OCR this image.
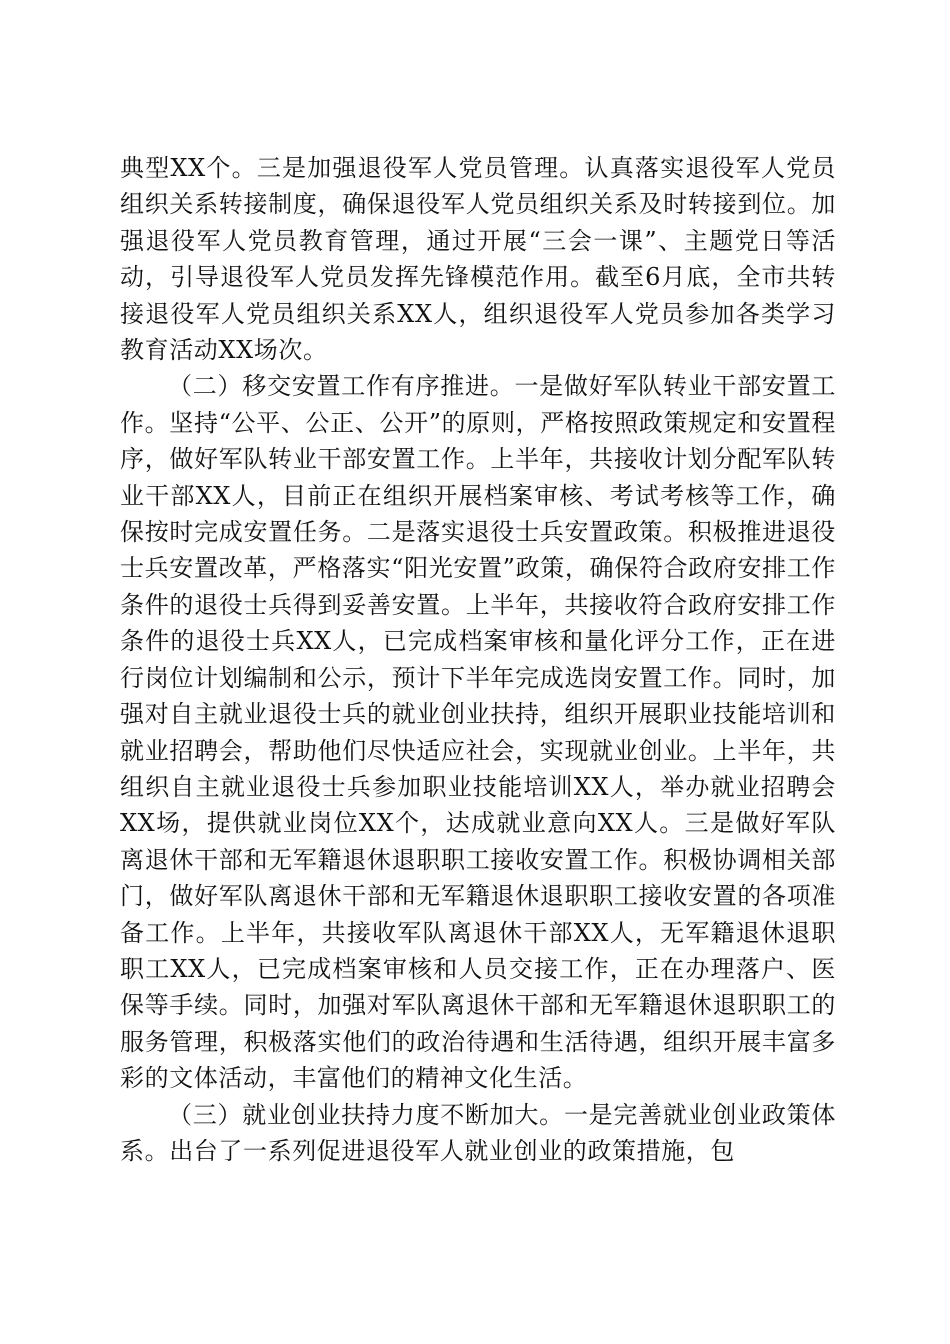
典型XX个。三是加强退役军人党员管理。认真落实退役军人党员组织关系转接制度，确保退役军人党员组织关系及时转接到位。加强退役军人党员教育管理，通过开展“三会一课”、主题党日等活动，引导退役军人党员发挥先锋模范作用。截至6月底，全市共转接退役军人党员组织关系XX人，组织退役军人党员参加各类学习教育活动XX场次。

（二）移交安置工作有序推进。一是做好军队转业干部安置工作。坚持“公平、公正、公开”的原则，严格按照政策规定和安置程序，做好军队转业干部安置工作。上半年，共接收计划分配军队转业干部XX人，目前正在组织开展档案审核、考试考核等工作，确保按时完成安置任务。二是落实退役士兵安置政策。积极推进退役士兵安置改革，严格落实“阳光安置”政策，确保符合政府安排工作条件的退役士兵得到妥善安置。上半年，共接收符合政府安排工作条件的退役士兵XX人，已完成档案审核和量化评分工作，正在进行岗位计划编制和公示，预计下半年完成选岗安置工作。同时，加强对自主就业退役士兵的就业创业扶持，组织开展职业技能培训和就业招聘会，帮助他们尽快适应社会，实现就业创业。上半年，共组织自主就业退役士兵参加职业技能培训XX人，举办就业招聘会XX场，提供就业岗位XX个，达成就业意向XX人。三是做好军队离退休干部和无军籍退休退职职工接收安置工作。积极协调相关部门，做好军队离退休干部和无军籍退休退职职工接收安置的各项准备工作。上半年，共接收军队离退休干部XX人，无军籍退休退职职工XX人，已完成档案审核和人员交接工作，正在办理落户、医保等手续。同时，加强对军队离退休干部和无军籍退休退职职工的服务管理，积极落实他们的政治待遇和生活待遇，组织开展丰富多彩的文体活动，丰富他们的精神文化生活。

（三）就业创业扶持力度不断加大。一是完善就业创业政策体系。出台了一系列促进退役军人就业创业的政策措施，包
